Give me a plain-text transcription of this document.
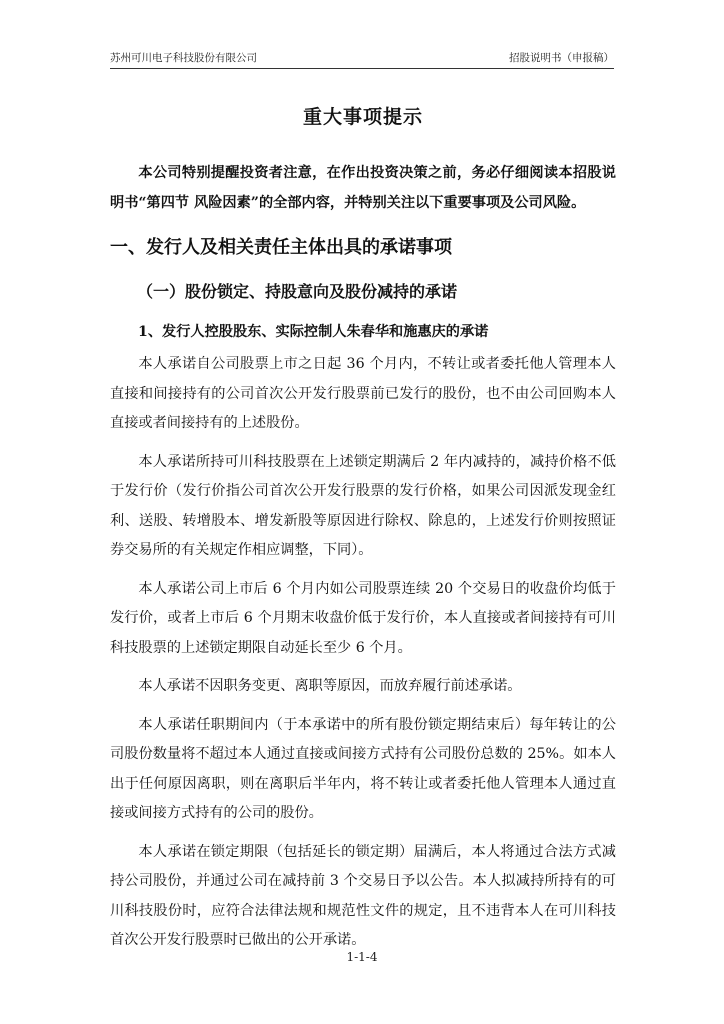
苏州可川电子科技股份有限公司	招股说明书（申报稿）
重大事项提示

本公司特别提醒投资者注意，在作出投资决策之前，务必仔细阅读本招股说明书“第四节 风险因素”的全部内容，并特别关注以下重要事项及公司风险。

一、发行人及相关责任主体出具的承诺事项
（一）股份锁定、持股意向及股份减持的承诺
1、发行人控股股东、实际控制人朱春华和施惠庆的承诺

本人承诺自公司股票上市之日起 36 个月内，不转让或者委托他人管理本人直接和间接持有的公司首次公开发行股票前已发行的股份，也不由公司回购本人直接或者间接持有的上述股份。

本人承诺所持可川科技股票在上述锁定期满后 2 年内减持的，减持价格不低于发行价（发行价指公司首次公开发行股票的发行价格，如果公司因派发现金红利、送股、转增股本、增发新股等原因进行除权、除息的，上述发行价则按照证券交易所的有关规定作相应调整，下同）。

本人承诺公司上市后 6 个月内如公司股票连续 20 个交易日的收盘价均低于发行价，或者上市后 6 个月期末收盘价低于发行价，本人直接或者间接持有可川科技股票的上述锁定期限自动延长至少 6 个月。

本人承诺不因职务变更、离职等原因，而放弃履行前述承诺。

本人承诺任职期间内（于本承诺中的所有股份锁定期结束后）每年转让的公司股份数量将不超过本人通过直接或间接方式持有公司股份总数的 25%。如本人出于任何原因离职，则在离职后半年内，将不转让或者委托他人管理本人通过直接或间接方式持有的公司的股份。

本人承诺在锁定期限（包括延长的锁定期）届满后，本人将通过合法方式减持公司股份，并通过公司在减持前 3 个交易日予以公告。本人拟减持所持有的可川科技股份时，应符合法律法规和规范性文件的规定，且不违背本人在可川科技首次公开发行股票时已做出的公开承诺。

1-1-4
